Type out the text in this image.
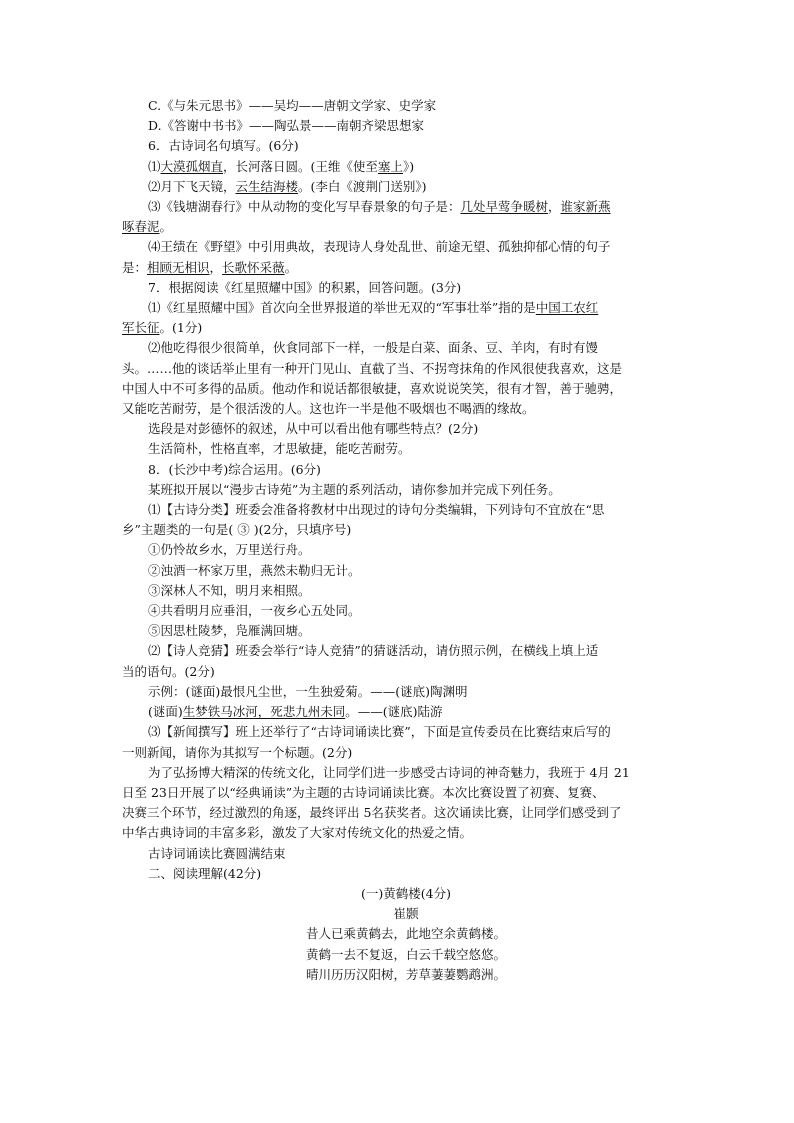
C.《与朱元思书》——吴均——唐朝文学家、史学家
D.《答谢中书书》——陶弘景——南朝齐梁思想家
6．古诗词名句填写。(6分)
⑴大漠孤烟直，长河落日圆。(王维《使至塞上》)
⑵月下飞天镜，云生结海楼。(李白《渡荆门送别》)
⑶《钱塘湖春行》中从动物的变化写早春景象的句子是：几处早莺争暖树，谁家新燕
啄春泥。
⑷王绩在《野望》中引用典故，表现诗人身处乱世、前途无望、孤独抑郁心情的句子
是：相顾无相识，长歌怀采薇。
7．根据阅读《红星照耀中国》的积累，回答问题。(3分)
⑴《红星照耀中国》首次向全世界报道的举世无双的“军事壮举”指的是中国工农红
军长征。(1分)
⑵他吃得很少很简单，伙食同部下一样，一般是白菜、面条、豆、羊肉，有时有馒
头。……他的谈话举止里有一种开门见山、直截了当、不拐弯抹角的作风很使我喜欢，这是
中国人中不可多得的品质。他动作和说话都很敏捷，喜欢说说笑笑，很有才智，善于驰骋，
又能吃苦耐劳，是个很活泼的人。这也许一半是他不吸烟也不喝酒的缘故。
选段是对彭德怀的叙述，从中可以看出他有哪些特点？(2分)
生活简朴，性格直率，才思敏捷，能吃苦耐劳。
8．(长沙中考)综合运用。(6分)
某班拟开展以“漫步古诗苑”为主题的系列活动，请你参加并完成下列任务。
⑴【古诗分类】班委会准备将教材中出现过的诗句分类编辑，下列诗句不宜放在“思
乡”主题类的一句是( ③ )(2分，只填序号)
①仍怜故乡水，万里送行舟。
②浊酒一杯家万里，燕然未勒归无计。
③深林人不知，明月来相照。
④共看明月应垂泪，一夜乡心五处同。
⑤因思杜陵梦，凫雁满回塘。
⑵【诗人竞猜】班委会举行“诗人竞猜”的猜谜活动，请仿照示例，在横线上填上适
当的语句。(2分)
示例：(谜面)最恨凡尘世，一生独爱菊。——(谜底)陶渊明
(谜面)生梦铁马冰河，死悲九州未同。——(谜底)陆游
⑶【新闻撰写】班上还举行了“古诗词诵读比赛”，下面是宣传委员在比赛结束后写的
一则新闻，请你为其拟写一个标题。(2分)
为了弘扬博大精深的传统文化，让同学们进一步感受古诗词的神奇魅力，我班于 4月 21
日至 23日开展了以“经典诵读”为主题的古诗词诵读比赛。本次比赛设置了初赛、复赛、
决赛三个环节，经过激烈的角逐，最终评出 5名获奖者。这次诵读比赛，让同学们感受到了
中华古典诗词的丰富多彩，激发了大家对传统文化的热爱之情。
古诗词诵读比赛圆满结束
二、阅读理解(42分)
(一)黄鹤楼(4分)
崔颢
昔人已乘黄鹤去，此地空余黄鹤楼。
黄鹤一去不复返，白云千载空悠悠。
晴川历历汉阳树，芳草萋萋鹦鹉洲。
